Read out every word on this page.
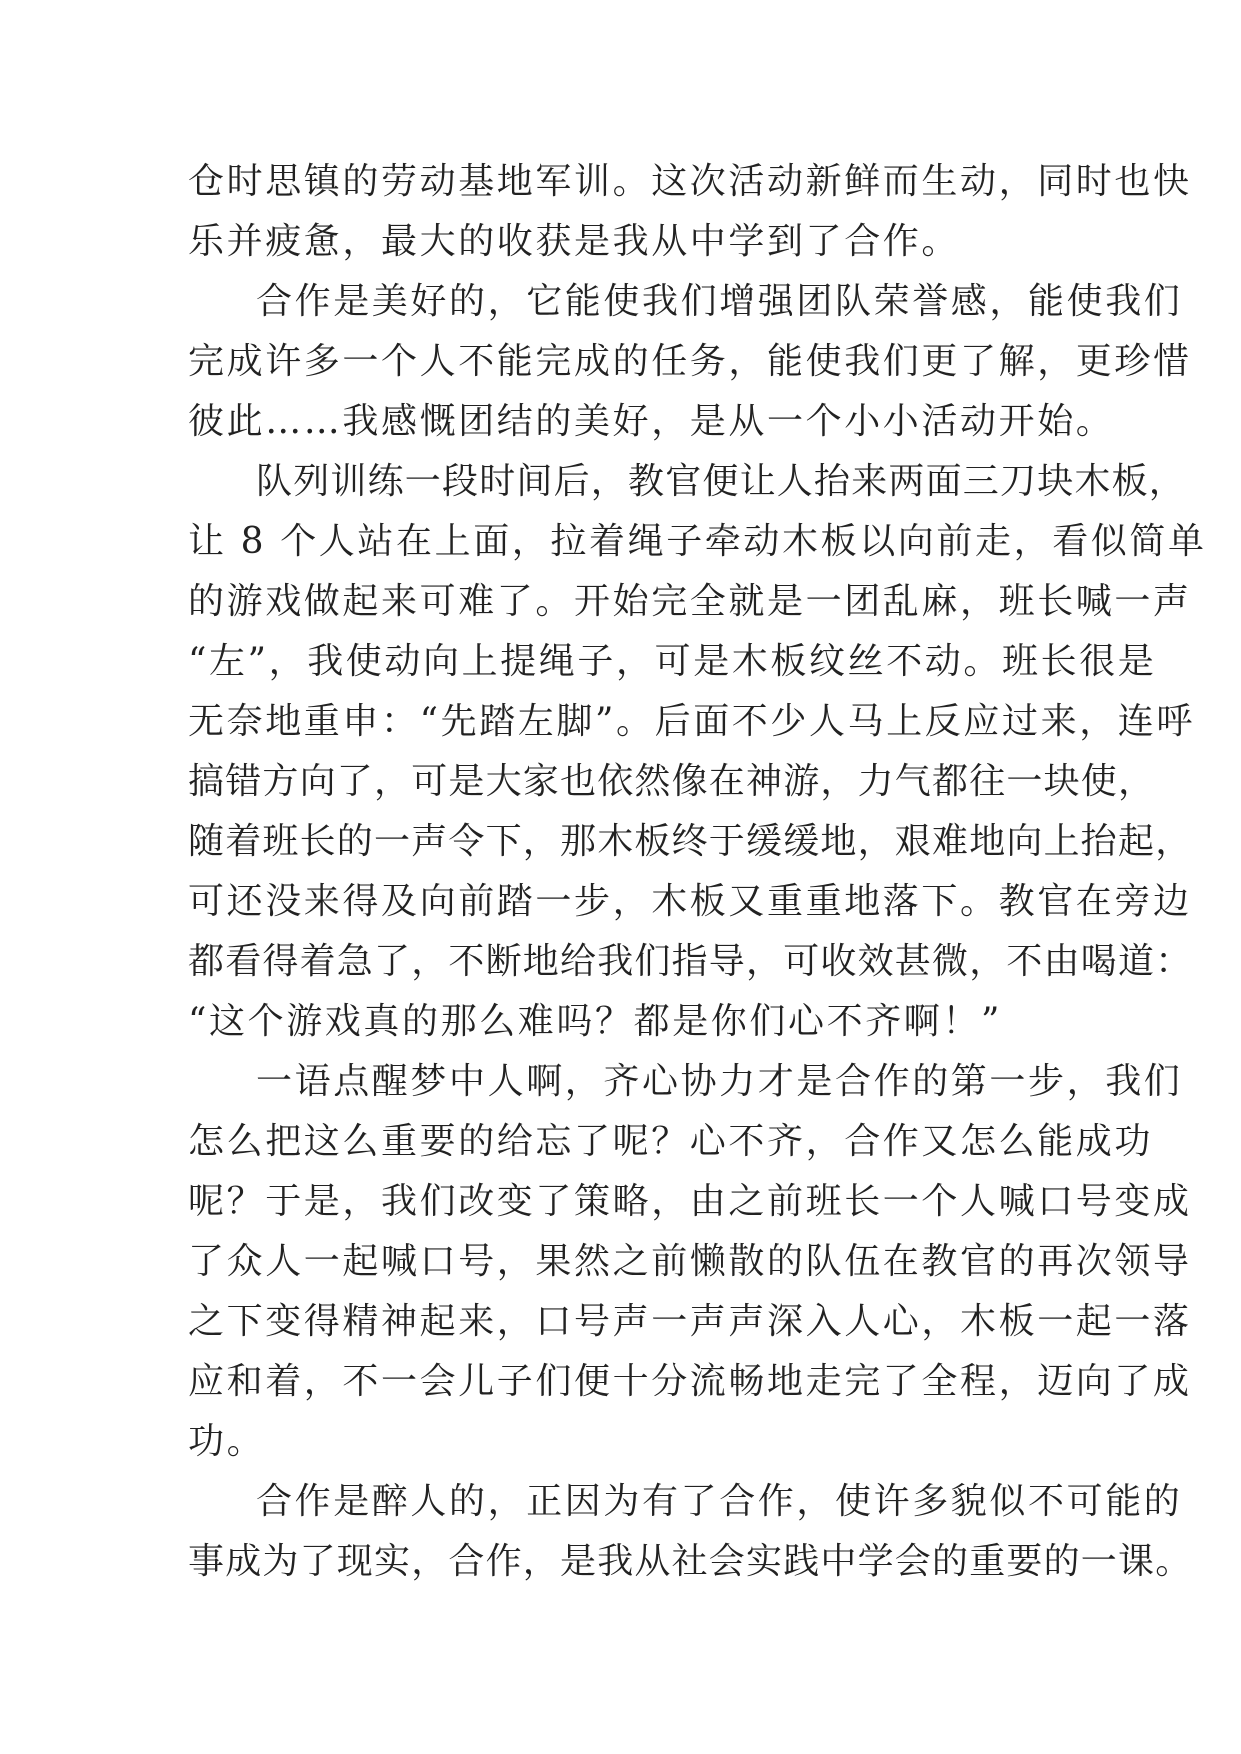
仓时思镇的劳动基地军训。这次活动新鲜而生动，同时也快
乐并疲惫，最大的收获是我从中学到了合作。
合作是美好的，它能使我们增强团队荣誉感，能使我们
完成许多一个人不能完成的任务，能使我们更了解，更珍惜
彼此……我感慨团结的美好，是从一个小小活动开始。
队列训练一段时间后，教官便让人抬来两面三刀块木板，
让 8 个人站在上面，拉着绳子牵动木板以向前走，看似简单
的游戏做起来可难了。开始完全就是一团乱麻，班长喊一声
“左”，我使动向上提绳子，可是木板纹丝不动。班长很是
无奈地重申：“先踏左脚”。后面不少人马上反应过来，连呼
搞错方向了，可是大家也依然像在神游，力气都往一块使，
随着班长的一声令下，那木板终于缓缓地，艰难地向上抬起，
可还没来得及向前踏一步，木板又重重地落下。教官在旁边
都看得着急了，不断地给我们指导，可收效甚微，不由喝道：
“这个游戏真的那么难吗？都是你们心不齐啊！”
一语点醒梦中人啊，齐心协力才是合作的第一步，我们
怎么把这么重要的给忘了呢？心不齐，合作又怎么能成功
呢？于是，我们改变了策略，由之前班长一个人喊口号变成
了众人一起喊口号，果然之前懒散的队伍在教官的再次领导
之下变得精神起来，口号声一声声深入人心，木板一起一落
应和着，不一会儿子们便十分流畅地走完了全程，迈向了成
功。
合作是醉人的，正因为有了合作，使许多貌似不可能的
事成为了现实，合作，是我从社会实践中学会的重要的一课。
